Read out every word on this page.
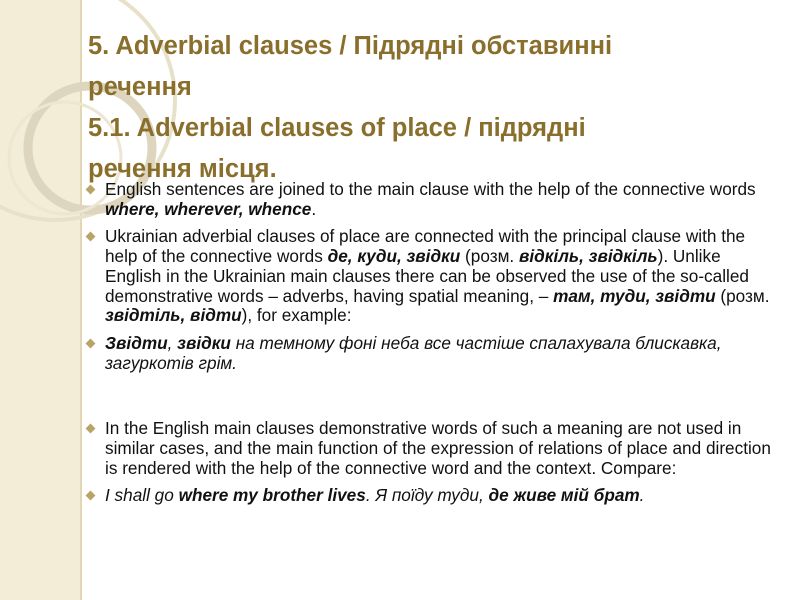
5. Adverbial clauses / Підрядні обставинні
речення
5.1. Adverbial clauses of place / підрядні
речення місця.
English sentences are joined to the main clause with the help of the connective words where, wherever, whence.
Ukrainian adverbial clauses of place are connected with the principal clause with the help of the connective words де, куди, звідки (розм. відкіль, звідкіль). Unlike English in the Ukrainian main clauses there can be observed the use of the so-called demonstrative words – adverbs, having spatial meaning, – там, туди, звідти (розм. звідтіль, відти), for example:
Звідти, звідки на темному фоні неба все частіше спалахувала блискавка, загуркотів грім.
In the English main clauses demonstrative words of such a meaning are not used in similar cases, and the main function of the expression of relations of place and direction is rendered with the help of the connective word and the context. Compare:
I shall go where my brother lives. Я поїду туди, де живе мій брат.
